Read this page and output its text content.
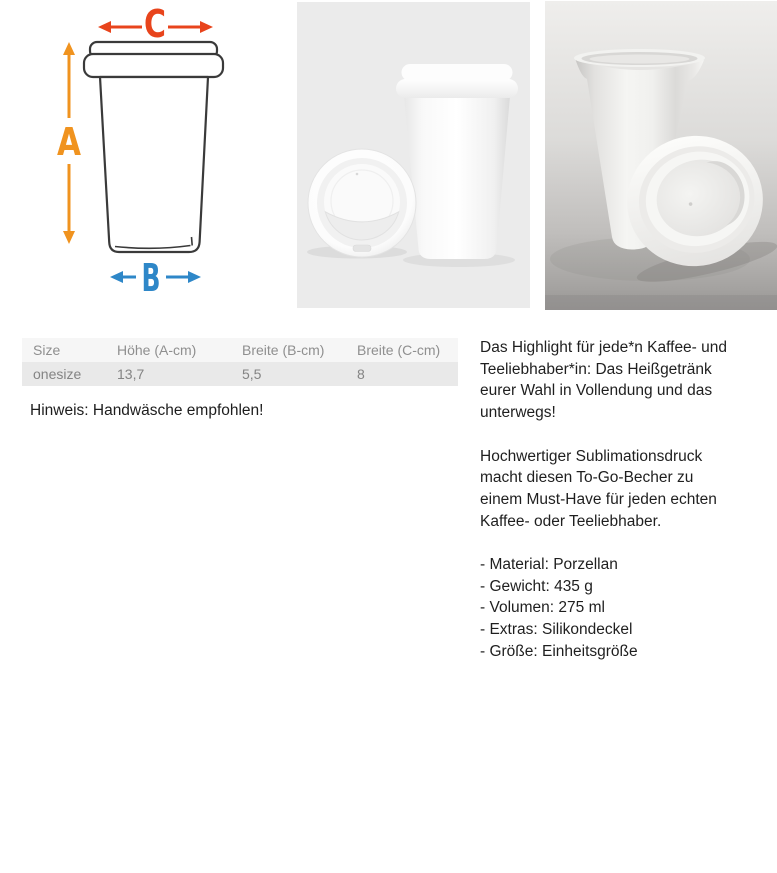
C
A
B
Size	Höhe (A-cm)	Breite (B-cm)	Breite (C-cm)
onesize	13,7	5,5	8
Hinweis: Handwäsche empfohlen!
Das Highlight für jede*n Kaffee- und
Teeliebhaber*in: Das Heißgetränk
eurer Wahl in Vollendung und das
unterwegs!
Hochwertiger Sublimationsdruck
macht diesen To-Go-Becher zu
einem Must-Have für jeden echten
Kaffee- oder Teeliebhaber.
- Material: Porzellan
- Gewicht: 435 g
- Volumen: 275 ml
- Extras: Silikondeckel
- Größe: Einheitsgröße
